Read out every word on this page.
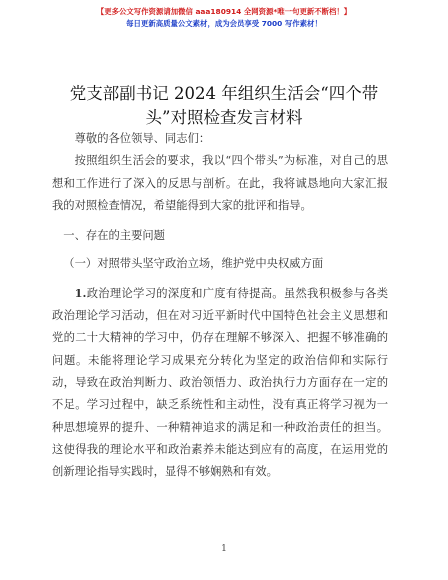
【更多公文写作资源请加微信 aaa180914 全网资源*唯一句更新不断档！】
每日更新高质量公文素材，成为会员享受 7000 写作素材！
党支部副书记 2024 年组织生活会“四个带
头”对照检查发言材料

尊敬的各位领导、同志们：

按照组织生活会的要求，我以“四个带头”为标准，对自己的思想和工作进行了深入的反思与剖析。在此，我将诚恳地向大家汇报我的对照检查情况，希望能得到大家的批评和指导。

一、存在的主要问题

（一）对照带头坚守政治立场，维护党中央权威方面

1.政治理论学习的深度和广度有待提高。虽然我积极参与各类政治理论学习活动，但在对习近平新时代中国特色社会主义思想和党的二十大精神的学习中，仍存在理解不够深入、把握不够准确的问题。未能将理论学习成果充分转化为坚定的政治信仰和实际行动，导致在政治判断力、政治领悟力、政治执行力方面存在一定的不足。学习过程中，缺乏系统性和主动性，没有真正将学习视为一种思想境界的提升、一种精神追求的满足和一种政治责任的担当。这使得我的理论水平和政治素养未能达到应有的高度，在运用党的创新理论指导实践时，显得不够娴熟和有效。

1
